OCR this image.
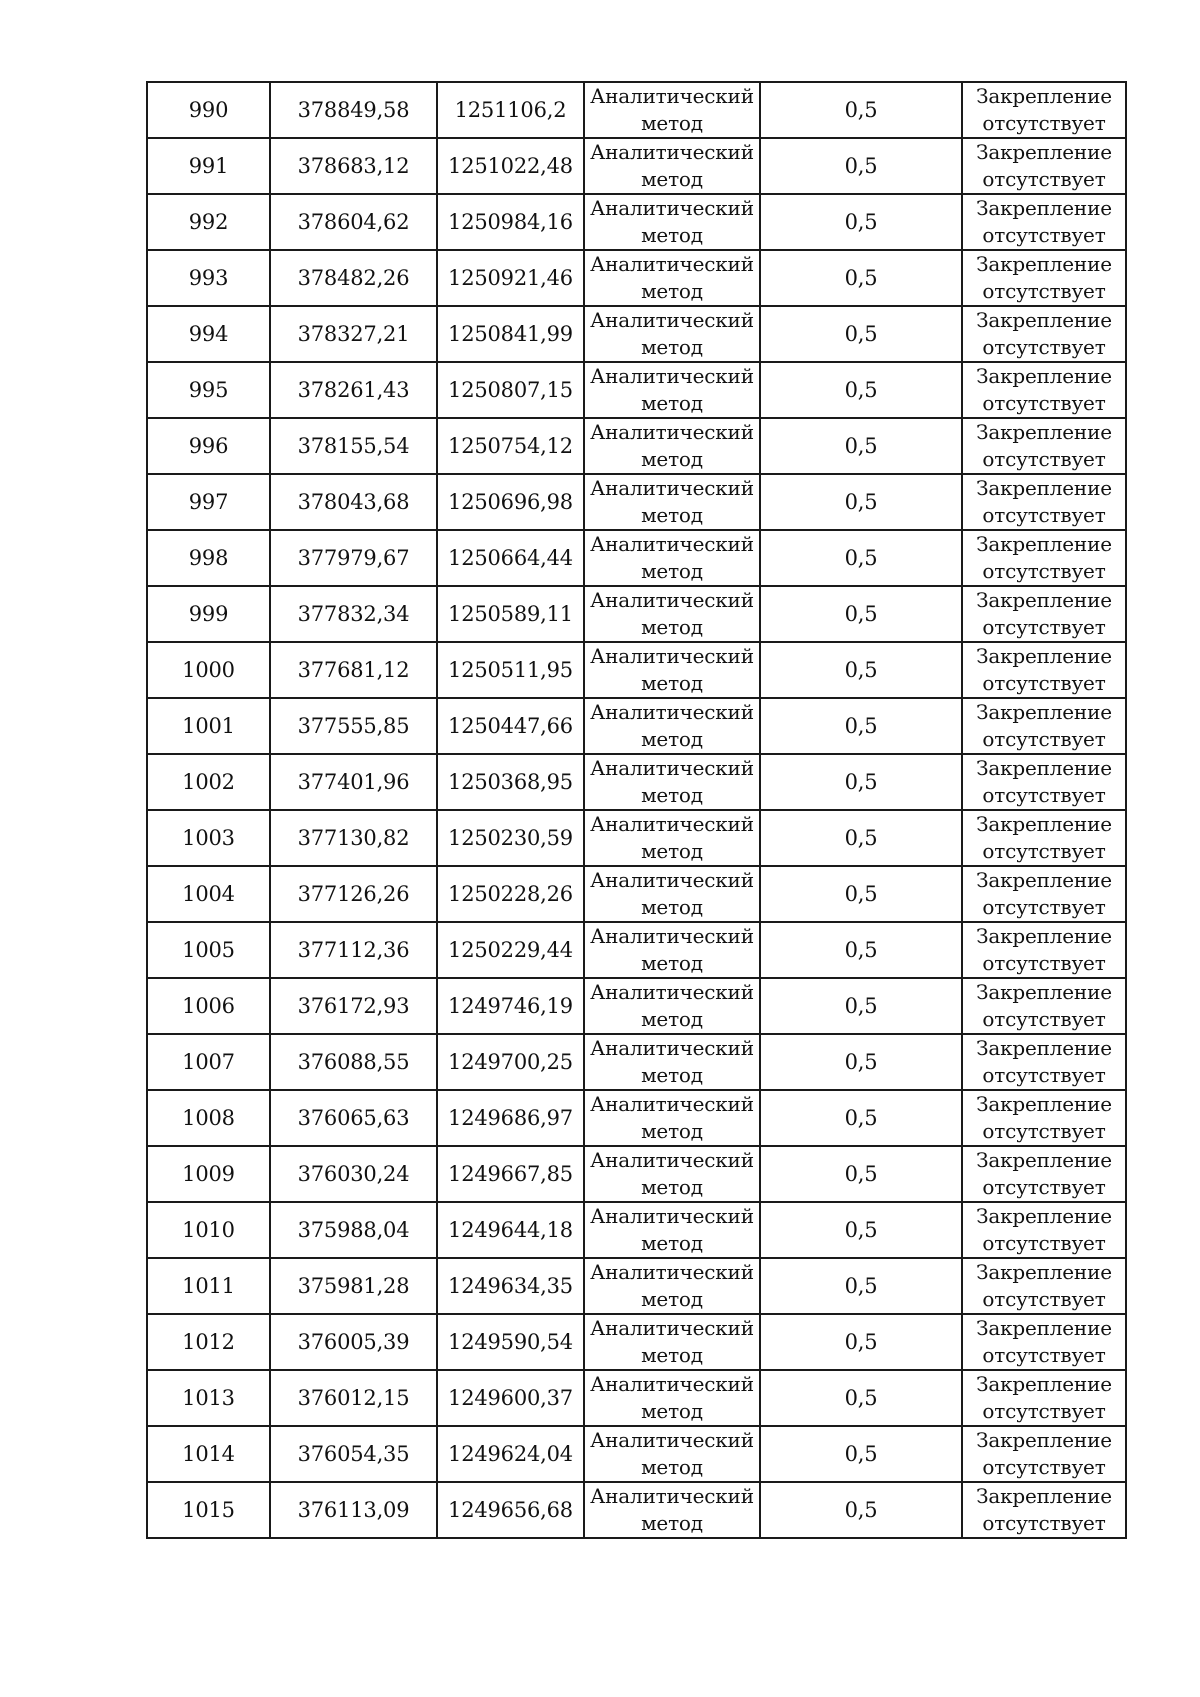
990	378849,58	1251106,2	Аналитический
метод	0,5	Закрепление
отсутствует

991	378683,12	1251022,48	Аналитический
метод	0,5	Закрепление
отсутствует

992	378604,62	1250984,16	Аналитический
метод	0,5	Закрепление
отсутствует

993	378482,26	1250921,46	Аналитический
метод	0,5	Закрепление
отсутствует

994	378327,21	1250841,99	Аналитический
метод	0,5	Закрепление
отсутствует

995	378261,43	1250807,15	Аналитический
метод	0,5	Закрепление
отсутствует

996	378155,54	1250754,12	Аналитический
метод	0,5	Закрепление
отсутствует

997	378043,68	1250696,98	Аналитический
метод	0,5	Закрепление
отсутствует

998	377979,67	1250664,44	Аналитический
метод	0,5	Закрепление
отсутствует

999	377832,34	1250589,11	Аналитический
метод	0,5	Закрепление
отсутствует

1000	377681,12	1250511,95	Аналитический
метод	0,5	Закрепление
отсутствует

1001	377555,85	1250447,66	Аналитический
метод	0,5	Закрепление
отсутствует

1002	377401,96	1250368,95	Аналитический
метод	0,5	Закрепление
отсутствует

1003	377130,82	1250230,59	Аналитический
метод	0,5	Закрепление
отсутствует

1004	377126,26	1250228,26	Аналитический
метод	0,5	Закрепление
отсутствует

1005	377112,36	1250229,44	Аналитический
метод	0,5	Закрепление
отсутствует

1006	376172,93	1249746,19	Аналитический
метод	0,5	Закрепление
отсутствует

1007	376088,55	1249700,25	Аналитический
метод	0,5	Закрепление
отсутствует

1008	376065,63	1249686,97	Аналитический
метод	0,5	Закрепление
отсутствует

1009	376030,24	1249667,85	Аналитический
метод	0,5	Закрепление
отсутствует

1010	375988,04	1249644,18	Аналитический
метод	0,5	Закрепление
отсутствует

1011	375981,28	1249634,35	Аналитический
метод	0,5	Закрепление
отсутствует

1012	376005,39	1249590,54	Аналитический
метод	0,5	Закрепление
отсутствует

1013	376012,15	1249600,37	Аналитический
метод	0,5	Закрепление
отсутствует

1014	376054,35	1249624,04	Аналитический
метод	0,5	Закрепление
отсутствует

1015	376113,09	1249656,68	Аналитический
метод	0,5	Закрепление
отсутствует
